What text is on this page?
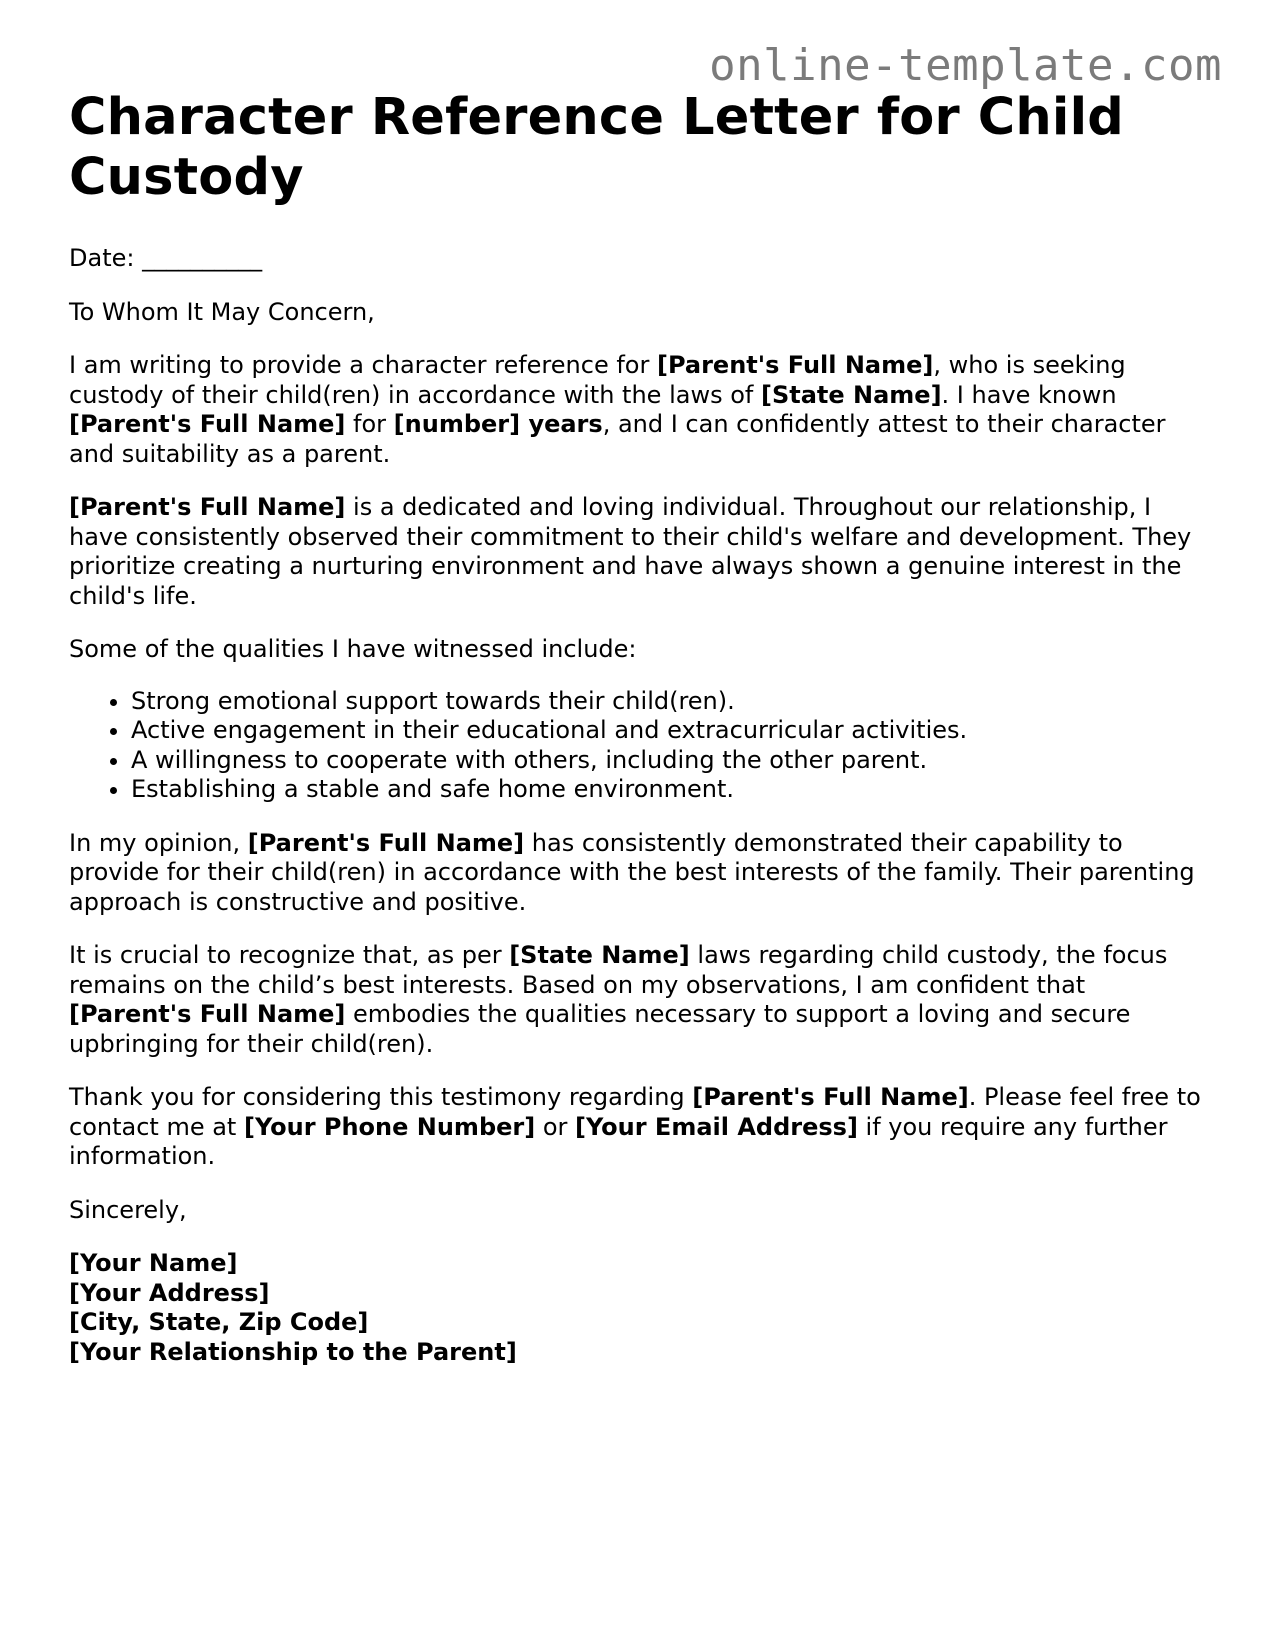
online-template.com
Character Reference Letter for Child Custody

Date: __________

To Whom It May Concern,

I am writing to provide a character reference for [Parent's Full Name], who is seeking custody of their child(ren) in accordance with the laws of [State Name]. I have known [Parent's Full Name] for [number] years, and I can confidently attest to their character and suitability as a parent.

[Parent's Full Name] is a dedicated and loving individual. Throughout our relationship, I have consistently observed their commitment to their child's welfare and development. They prioritize creating a nurturing environment and have always shown a genuine interest in the child's life.

Some of the qualities I have witnessed include:

• Strong emotional support towards their child(ren).
• Active engagement in their educational and extracurricular activities.
• A willingness to cooperate with others, including the other parent.
• Establishing a stable and safe home environment.

In my opinion, [Parent's Full Name] has consistently demonstrated their capability to provide for their child(ren) in accordance with the best interests of the family. Their parenting approach is constructive and positive.

It is crucial to recognize that, as per [State Name] laws regarding child custody, the focus remains on the child’s best interests. Based on my observations, I am confident that [Parent's Full Name] embodies the qualities necessary to support a loving and secure upbringing for their child(ren).

Thank you for considering this testimony regarding [Parent's Full Name]. Please feel free to contact me at [Your Phone Number] or [Your Email Address] if you require any further information.

Sincerely,

[Your Name]
[Your Address]
[City, State, Zip Code]
[Your Relationship to the Parent]
